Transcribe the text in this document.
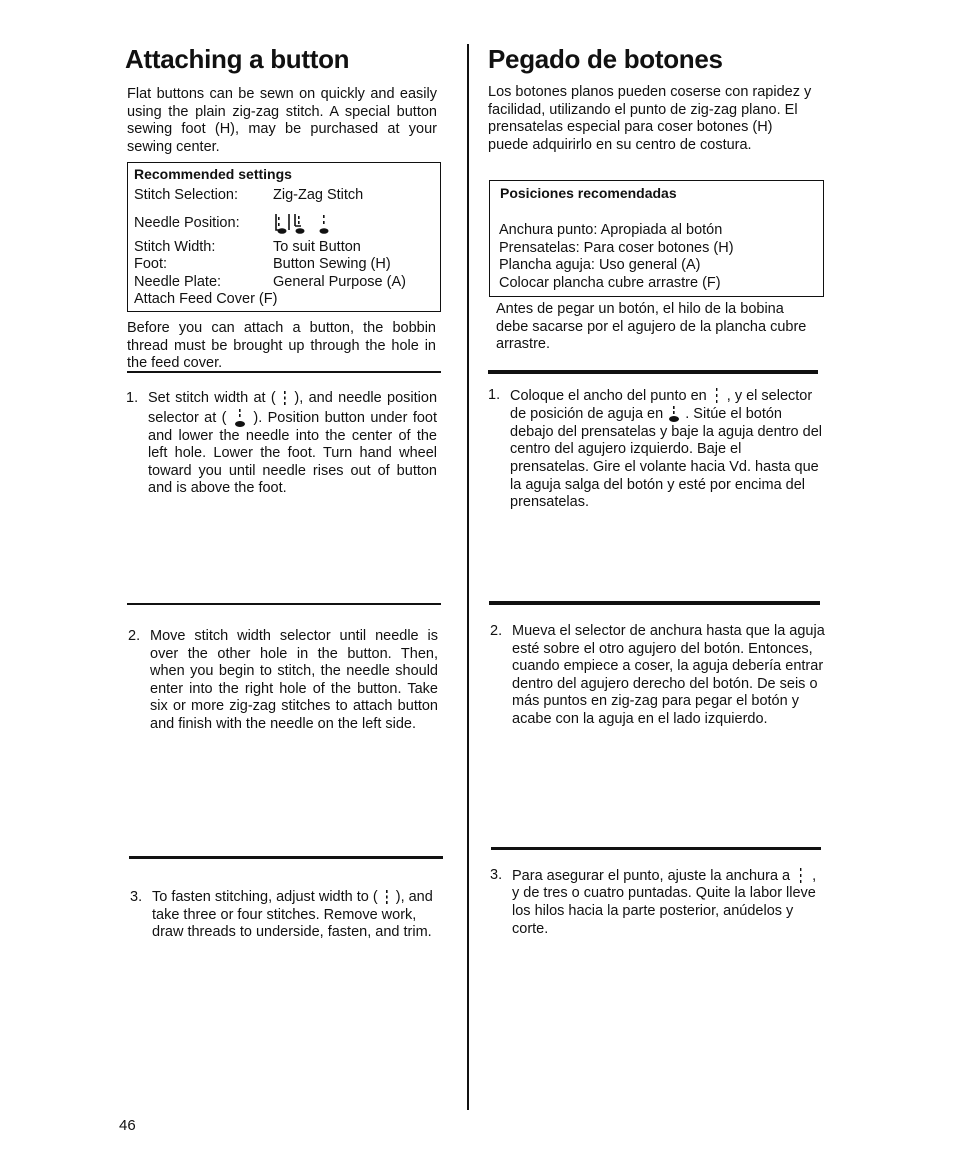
Attaching a button
Flat buttons can be sewn on quickly and easily using the plain zig-zag stitch. A special button sewing foot (H), may be purchased at your sewing center.
Recommended settings
Stitch Selection:	Zig-Zag Stitch
Needle Position:

Stitch Width:	To suit Button
Foot:	Button Sewing (H)
Needle Plate:	General Purpose (A)
Attach Feed Cover (F)
Before you can attach a button, the bobbin thread must be brought up through the hole in the feed cover.
1. Set stitch width at ( ), and needle position selector at ( ). Position button under foot and lower the needle into the center of the left hole. Lower the foot. Turn hand wheel toward you until needle rises out of button and is above the foot.
2. Move stitch width selector until needle is over the other hole in the button. Then, when you begin to stitch, the needle should enter into the right hole of the button. Take six or more zig-zag stitches to attach button and finish with the needle on the left side.
3. To fasten stitching, adjust width to ( ), and take three or four stitches. Remove work, draw threads to underside, fasten, and trim.
46
Pegado de botones
Los botones planos pueden coserse con rapidez y facilidad, utilizando el punto de zig-zag plano. El prensatelas especial para coser botones (H) puede adquirirlo en su centro de costura.
Posiciones recomendadas
Anchura punto: Apropiada al botón
Prensatelas: Para coser botones (H)
Plancha aguja: Uso general (A)
Colocar plancha cubre arrastre (F)
Antes de pegar un botón, el hilo de la bobina debe sacarse por el agujero de la plancha cubre arrastre.
1. Coloque el ancho del punto en , y el selector de posición de aguja en . Sitúe el botón debajo del prensatelas y baje la aguja dentro del centro del agujero izquierdo. Baje el prensatelas. Gire el volante hacia Vd. hasta que la aguja salga del botón y esté por encima del prensatelas.
2. Mueva el selector de anchura hasta que la aguja esté sobre el otro agujero del botón. Entonces, cuando empiece a coser, la aguja debería entrar dentro del agujero derecho del botón. De seis o más puntos en zig-zag para pegar el botón y acabe con la aguja en el lado izquierdo.
3. Para asegurar el punto, ajuste la anchura a , y de tres o cuatro puntadas. Quite la labor lleve los hilos hacia la parte posterior, anúdelos y corte.
